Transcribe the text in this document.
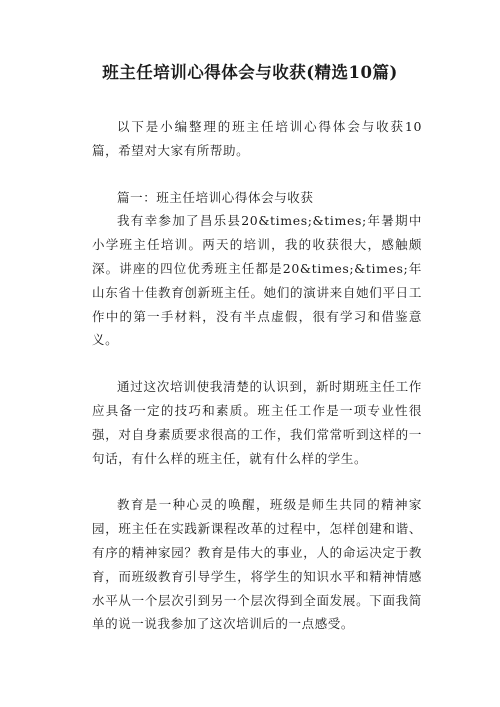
班主任培训心得体会与收获(精选10篇)

以下是小编整理的班主任培训心得体会与收获10篇，希望对大家有所帮助。

篇一：班主任培训心得体会与收获

我有幸参加了昌乐县20&times;&times;年暑期中小学班主任培训。两天的培训，我的收获很大，感触颇深。讲座的四位优秀班主任都是20&times;&times;年山东省十佳教育创新班主任。她们的演讲来自她们平日工作中的第一手材料，没有半点虚假，很有学习和借鉴意义。

通过这次培训使我清楚的认识到，新时期班主任工作应具备一定的技巧和素质。班主任工作是一项专业性很强，对自身素质要求很高的工作，我们常常听到这样的一句话，有什么样的班主任，就有什么样的学生。

教育是一种心灵的唤醒，班级是师生共同的精神家园，班主任在实践新课程改革的过程中，怎样创建和谐、有序的精神家园？教育是伟大的事业，人的命运决定于教育，而班级教育引导学生，将学生的知识水平和精神情感水平从一个层次引到另一个层次得到全面发展。下面我简单的说一说我参加了这次培训后的一点感受。
